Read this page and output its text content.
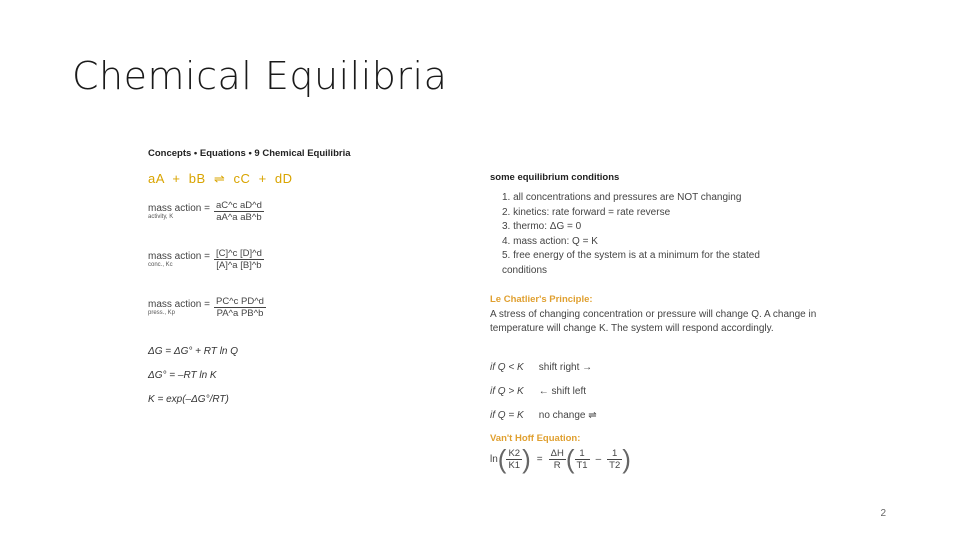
Chemical Equilibria
Concepts • Equations • 9 Chemical Equilibria
aA  +  bB  ⇌  cC  +  dD
mass action =
activity, K	$\frac{\text{aC\textasciicircum{}c aD\textasciicircum{}d}}{\text{aA\textasciicircum{}a aB\textasciicircum{}b}}$
mass action =
conc., Kc	$\frac{[C]\^{}c [D]\^{}d}{[A]\^{}a [B]\^{}b}$
mass action =
press., Kp	$\frac{\text{PC\textasciicircum{}c PD\textasciicircum{}d}}{\text{PA\textasciicircum{}a PB\textasciicircum{}b}}$
ΔG = ΔG° + RT ln Q
ΔG° = –RT ln K
K = exp(–ΔG°/RT)
some equilibrium conditions
1. all concentrations and pressures are NOT changing
2. kinetics: rate forward = rate reverse
3. thermo: ΔG = 0
4. mass action: Q = K
5. free energy of the system is at a minimum for the stated
conditions
Le Chatlier's Principle:
A stress of changing concentration or pressure will change Q. A change in temperature will change K. The system will respond accordingly.
if Q < K shift right →
if Q > K ← shift left
if Q = K no change ⇌
Van't Hoff Equation:
ln ( $\frac{K2}{K1}$ ) = $\frac{\Delta H}{R}$ ( $\frac{1}{T1} - \frac{1}{T2}$ )
2
